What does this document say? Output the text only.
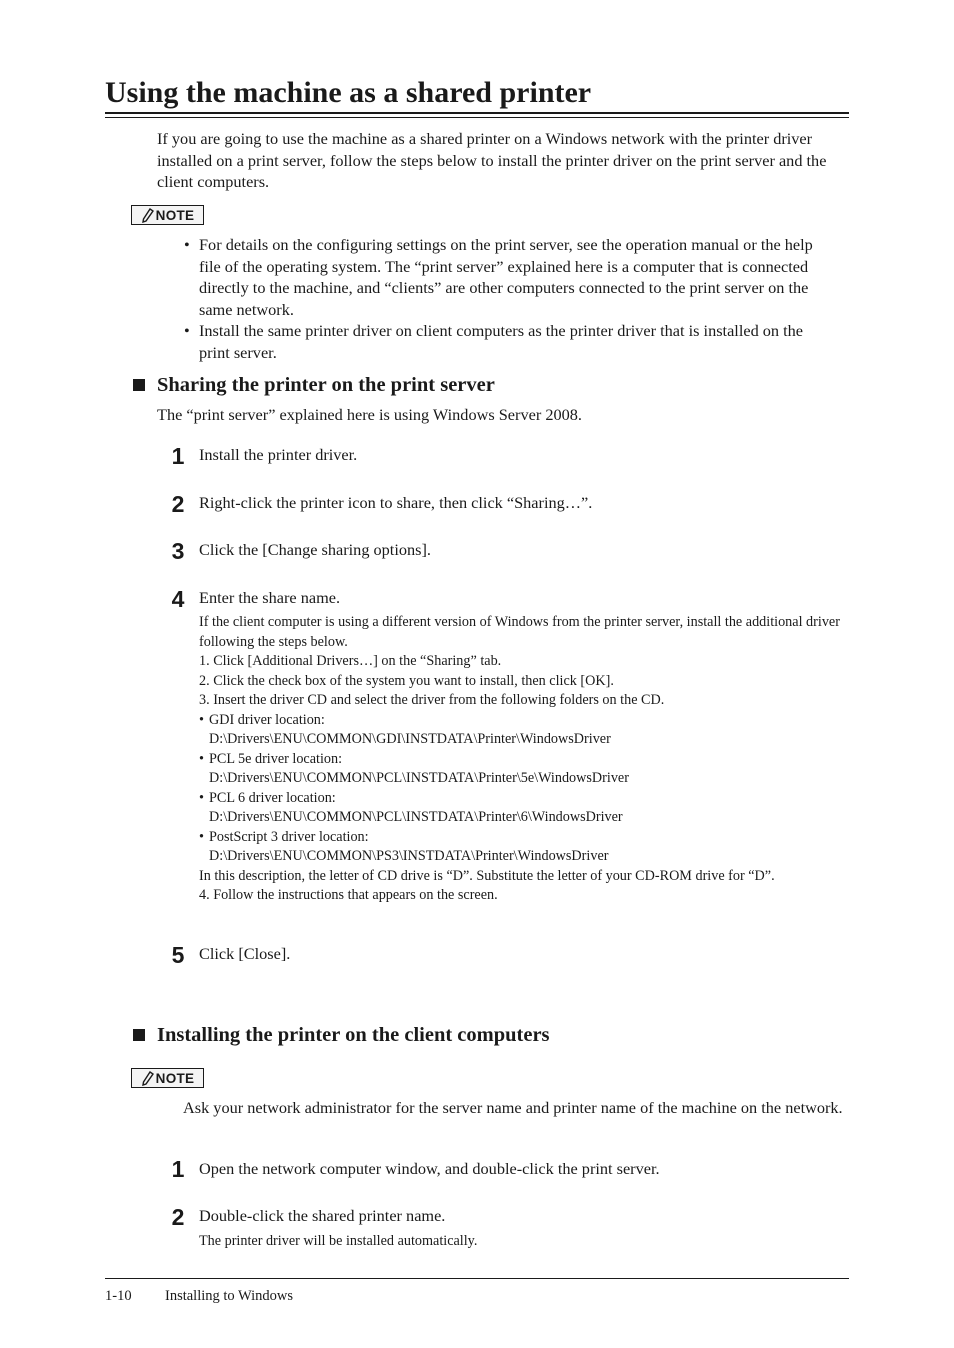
Using the machine as a shared printer
If you are going to use the machine as a shared printer on a Windows network with the printer driver installed on a print server, follow the steps below to install the printer driver on the print server and the client computers.
NOTE
• For details on the configuring settings on the print server, see the operation manual or the help file of the operating system. The “print server” explained here is a computer that is connected directly to the machine, and “clients” are other computers connected to the print server on the same network.
• Install the same printer driver on client computers as the printer driver that is installed on the print server.
Sharing the printer on the print server
The “print server” explained here is using Windows Server 2008.
1 Install the printer driver.
2 Right-click the printer icon to share, then click “Sharing…”.
3 Click the [Change sharing options].
4 Enter the share name.
If the client computer is using a different version of Windows from the printer server, install the additional driver following the steps below.
1. Click [Additional Drivers…] on the “Sharing” tab.
2. Click the check box of the system you want to install, then click [OK].
3. Insert the driver CD and select the driver from the following folders on the CD.
• GDI driver location:
D:\Drivers\ENU\COMMON\GDI\INSTDATA\Printer\WindowsDriver
• PCL 5e driver location:
D:\Drivers\ENU\COMMON\PCL\INSTDATA\Printer\5e\WindowsDriver
• PCL 6 driver location:
D:\Drivers\ENU\COMMON\PCL\INSTDATA\Printer\6\WindowsDriver
• PostScript 3 driver location:
D:\Drivers\ENU\COMMON\PS3\INSTDATA\Printer\WindowsDriver
In this description, the letter of CD drive is “D”. Substitute the letter of your CD-ROM drive for “D”.
4. Follow the instructions that appears on the screen.
5 Click [Close].
Installing the printer on the client computers
NOTE
Ask your network administrator for the server name and printer name of the machine on the network.
1 Open the network computer window, and double-click the print server.
2 Double-click the shared printer name.
The printer driver will be installed automatically.
1-10 Installing to Windows
